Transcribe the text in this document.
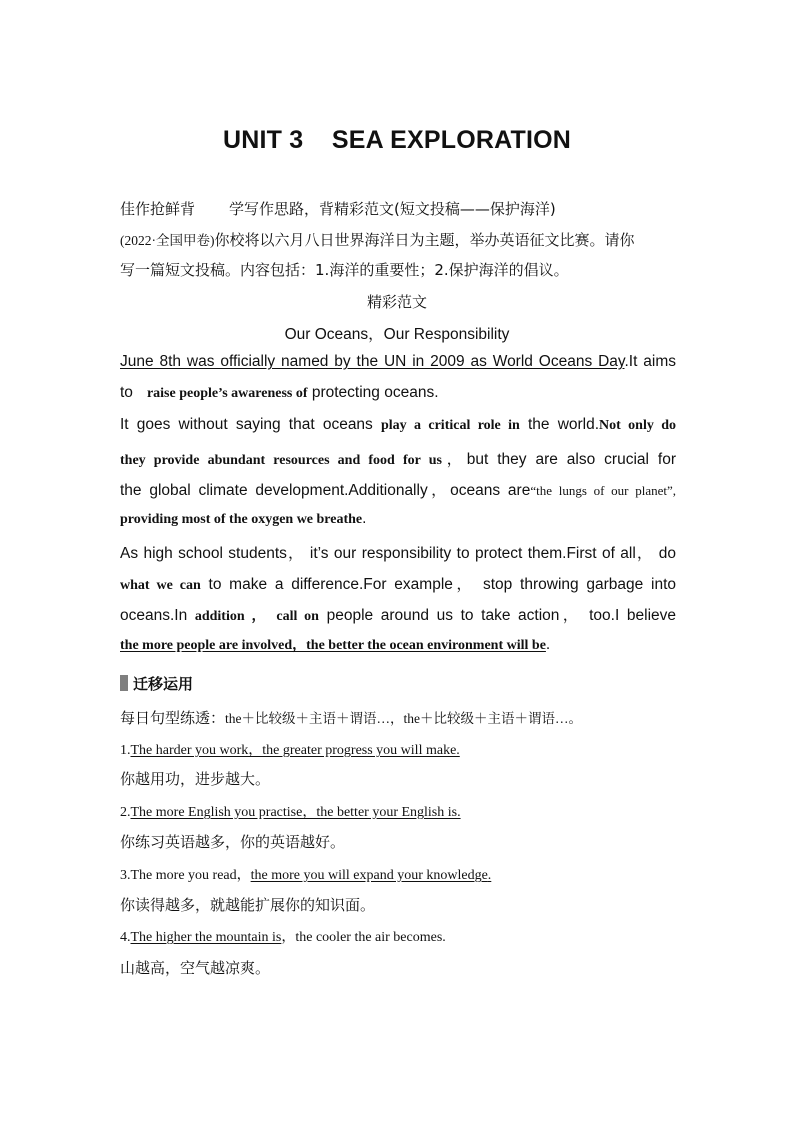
UNIT 3    SEA EXPLORATION
佳作抢鲜背 学写作思路，背精彩范文(短文投稿——保护海洋)
(2022·全国甲卷)你校将以六月八日世界海洋日为主题，举办英语征文比赛。请你
写一篇短文投稿。内容包括：1.海洋的重要性；2.保护海洋的倡议。
精彩范文
Our Oceans，Our Responsibility
June 8th was officially named by the UN in 2009 as World Oceans Day.It aims
to raise people’s awareness of protecting oceans.
It goes without saying that oceans play a critical role in the world.Not only do
they provide abundant resources and food for us，but they are also crucial for
the global climate development.Additionally，oceans are“the lungs of our planet”,
providing most of the oxygen we breathe.
As high school students， it’s our responsibility to protect them.First of all， do
what we can to make a difference.For example， stop throwing garbage into
oceans.In addition ， call on people around us to take action， too.I believe
the more people are involved，the better the ocean environment will be.
迁移运用
每日句型练透：the＋比较级＋主语＋谓语…，the＋比较级＋主语＋谓语…。
1.The harder you work，the greater progress you will make.
你越用功，进步越大。
2.The more English you practise，the better your English is.
你练习英语越多，你的英语越好。
3.The more you read，the more you will expand your knowledge.
你读得越多，就越能扩展你的知识面。
4.The higher the mountain is，the cooler the air becomes.
山越高，空气越凉爽。
